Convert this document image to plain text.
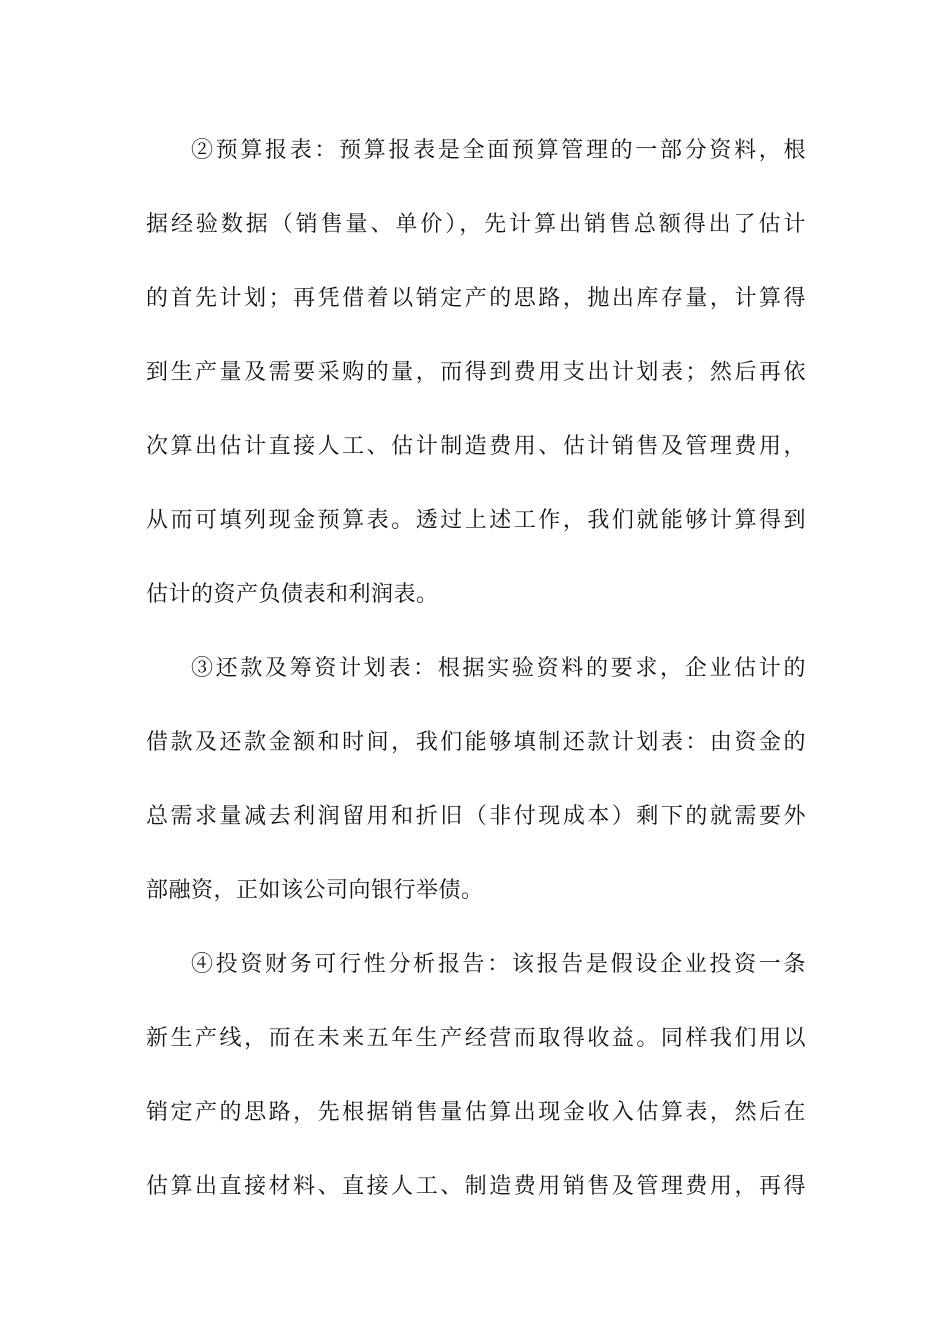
②预算报表：预算报表是全面预算管理的一部分资料，根
据经验数据（销售量、单价），先计算出销售总额得出了估计
的首先计划；再凭借着以销定产的思路，抛出库存量，计算得
到生产量及需要采购的量，而得到费用支出计划表；然后再依
次算出估计直接人工、估计制造费用、估计销售及管理费用，
从而可填列现金预算表。透过上述工作，我们就能够计算得到
估计的资产负债表和利润表。
③还款及筹资计划表：根据实验资料的要求，企业估计的
借款及还款金额和时间，我们能够填制还款计划表：由资金的
总需求量减去利润留用和折旧（非付现成本）剩下的就需要外
部融资，正如该公司向银行举债。
④投资财务可行性分析报告：该报告是假设企业投资一条
新生产线，而在未来五年生产经营而取得收益。同样我们用以
销定产的思路，先根据销售量估算出现金收入估算表，然后在
估算出直接材料、直接人工、制造费用销售及管理费用，再得
